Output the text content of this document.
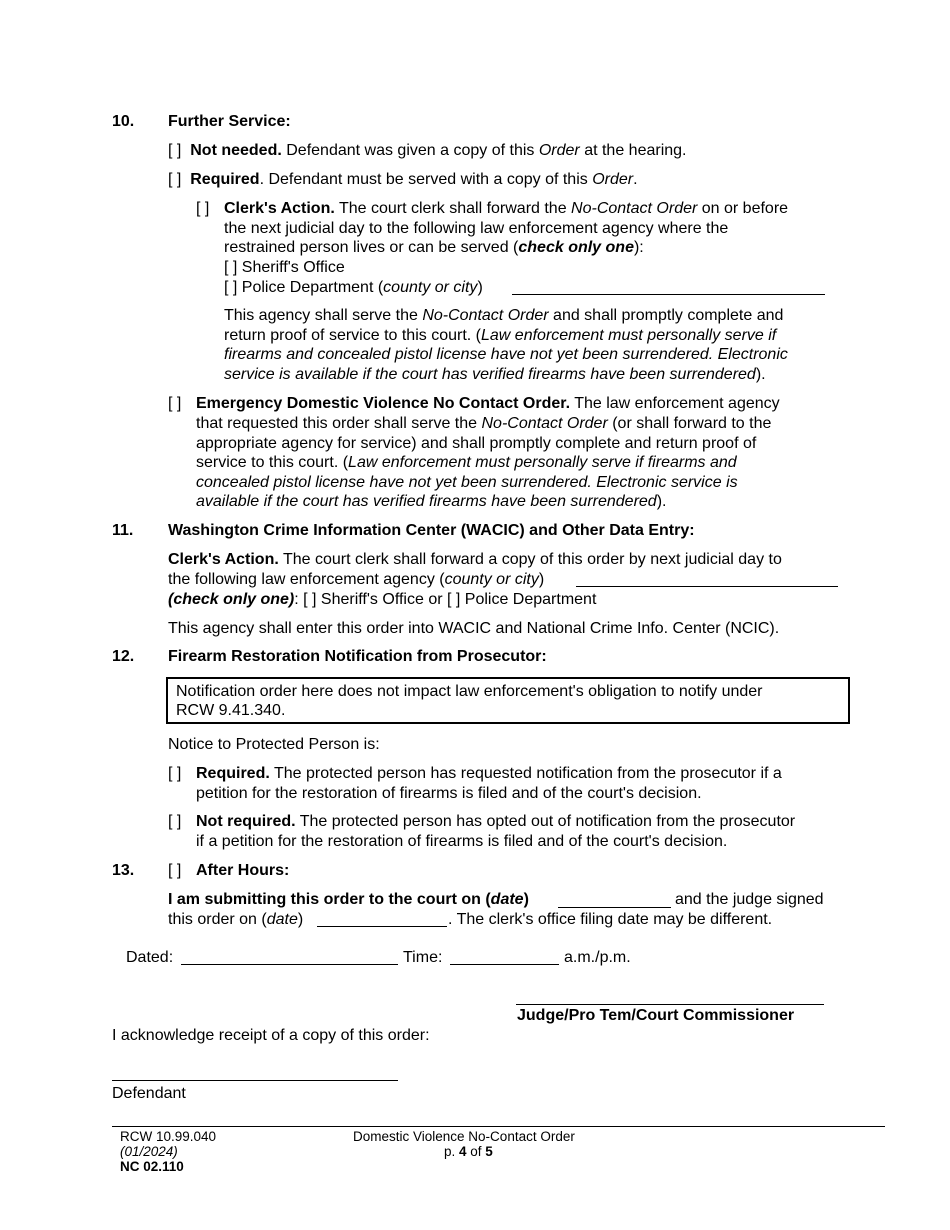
10. Further Service:
[ ] Not needed. Defendant was given a copy of this Order at the hearing.
[ ] Required. Defendant must be served with a copy of this Order.
[ ] Clerk's Action. The court clerk shall forward the No-Contact Order on or before
the next judicial day to the following law enforcement agency where the
restrained person lives or can be served (check only one):
[ ] Sheriff's Office
[ ] Police Department (county or city)
This agency shall serve the No-Contact Order and shall promptly complete and
return proof of service to this court. (Law enforcement must personally serve if
firearms and concealed pistol license have not yet been surrendered. Electronic
service is available if the court has verified firearms have been surrendered).
[ ] Emergency Domestic Violence No Contact Order. The law enforcement agency
that requested this order shall serve the No-Contact Order (or shall forward to the
appropriate agency for service) and shall promptly complete and return proof of
service to this court. (Law enforcement must personally serve if firearms and
concealed pistol license have not yet been surrendered. Electronic service is
available if the court has verified firearms have been surrendered).
11. Washington Crime Information Center (WACIC) and Other Data Entry:
Clerk's Action. The court clerk shall forward a copy of this order by next judicial day to
the following law enforcement agency (county or city)
(check only one): [ ] Sheriff's Office or [ ] Police Department
This agency shall enter this order into WACIC and National Crime Info. Center (NCIC).
12. Firearm Restoration Notification from Prosecutor:
Notification order here does not impact law enforcement's obligation to notify under
RCW 9.41.340.
Notice to Protected Person is:
[ ] Required. The protected person has requested notification from the prosecutor if a
petition for the restoration of firearms is filed and of the court's decision.
[ ] Not required. The protected person has opted out of notification from the prosecutor
if a petition for the restoration of firearms is filed and of the court's decision.
13. [ ] After Hours:
I am submitting this order to the court on (date)	and the judge signed
this order on (date)	. The clerk's office filing date may be different.
Dated:	Time:	a.m./p.m.
Judge/Pro Tem/Court Commissioner
I acknowledge receipt of a copy of this order:
Defendant
RCW 10.99.040
(01/2024)
NC 02.110
Domestic Violence No-Contact Order
p. 4 of 5
